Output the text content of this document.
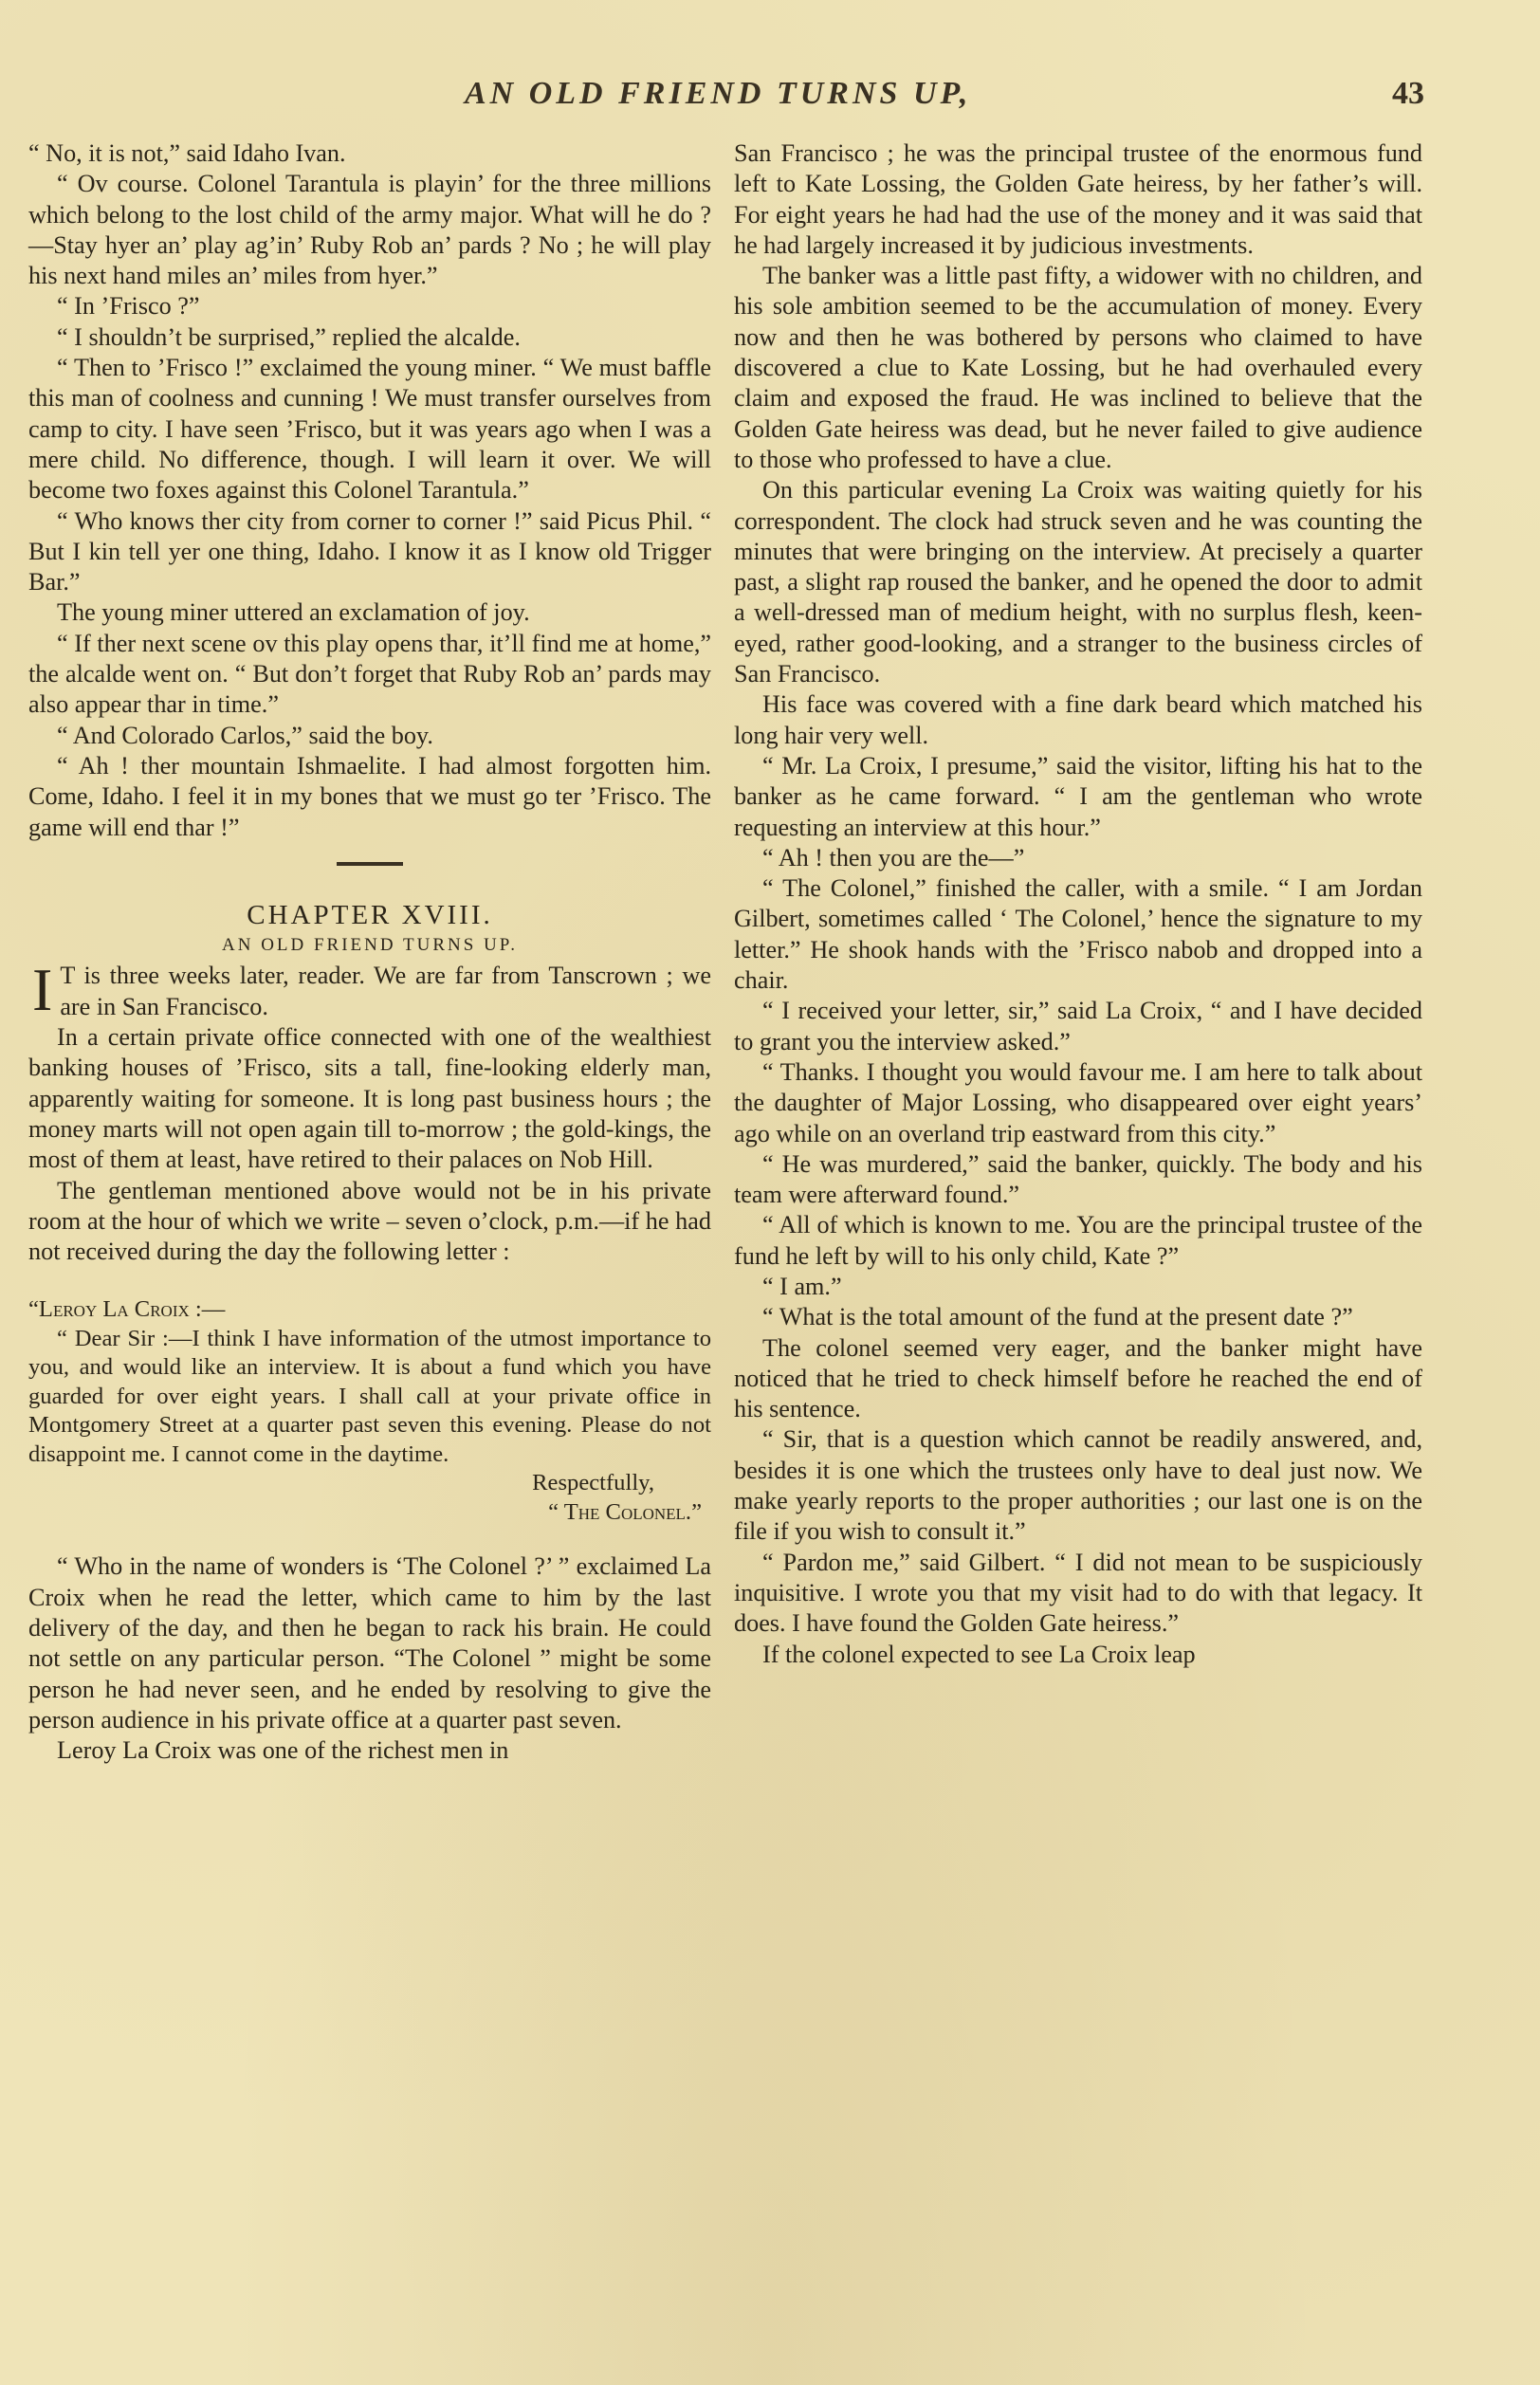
AN OLD FRIEND TURNS UP,	43

“ No, it is not,” said Idaho Ivan.

“ Ov course. Colonel Tarantula is playin’ for the three millions which belong to the lost child of the army major. What will he do ?—Stay hyer an’ play ag’in’ Ruby Rob an’ pards ? No ; he will play his next hand miles an’ miles from hyer.”

“ In ’Frisco ?”

“ I shouldn’t be surprised,” replied the alcalde.

“ Then to ’Frisco !” exclaimed the young miner. “ We must baffle this man of coolness and cunning ! We must transfer ourselves from camp to city. I have seen ’Frisco, but it was years ago when I was a mere child. No difference, though. I will learn it over. We will become two foxes against this Colonel Tarantula.”

“ Who knows ther city from corner to corner !” said Picus Phil. “ But I kin tell yer one thing, Idaho. I know it as I know old Trigger Bar.”

The young miner uttered an exclamation of joy.

“ If ther next scene ov this play opens thar, it’ll find me at home,” the alcalde went on. “ But don’t forget that Ruby Rob an’ pards may also appear thar in time.”

“ And Colorado Carlos,” said the boy.

“ Ah ! ther mountain Ishmaelite. I had almost forgotten him. Come, Idaho. I feel it in my bones that we must go ter ’Frisco. The game will end thar !”

CHAPTER XVIII.

AN OLD FRIEND TURNS UP.

I T is three weeks later, reader. We are far from Tanscrown ; we are in San Francisco.

In a certain private office connected with one of the wealthiest banking houses of ’Frisco, sits a tall, fine-looking elderly man, apparently waiting for someone. It is long past business hours ; the money marts will not open again till to-morrow ; the gold-kings, the most of them at least, have retired to their palaces on Nob Hill.

The gentleman mentioned above would not be in his private room at the hour of which we write – seven o’clock, p.m.—if he had not received during the day the following letter :

“Leroy La Croix :—

“ Dear Sir :—I think I have information of the utmost importance to you, and would like an interview. It is about a fund which you have guarded for over eight years. I shall call at your private office in Montgomery Street at a quarter past seven this evening. Please do not disappoint me. I cannot come in the daytime.

Respectfully,

“ The Colonel.”

“ Who in the name of wonders is ‘The Colonel ?’ ” exclaimed La Croix when he read the letter, which came to him by the last delivery of the day, and then he began to rack his brain. He could not settle on any particular person. “The Colonel ” might be some person he had never seen, and he ended by resolving to give the person audience in his private office at a quarter past seven.

Leroy La Croix was one of the richest men in

San Francisco ; he was the principal trustee of the enormous fund left to Kate Lossing, the Golden Gate heiress, by her father’s will. For eight years he had had the use of the money and it was said that he had largely increased it by judicious investments.

The banker was a little past fifty, a widower with no children, and his sole ambition seemed to be the accumulation of money. Every now and then he was bothered by persons who claimed to have discovered a clue to Kate Lossing, but he had overhauled every claim and exposed the fraud. He was inclined to believe that the Golden Gate heiress was dead, but he never failed to give audience to those who professed to have a clue.

On this particular evening La Croix was waiting quietly for his correspondent. The clock had struck seven and he was counting the minutes that were bringing on the interview. At precisely a quarter past, a slight rap roused the banker, and he opened the door to admit a well-dressed man of medium height, with no surplus flesh, keen-eyed, rather good-looking, and a stranger to the business circles of San Francisco.

His face was covered with a fine dark beard which matched his long hair very well.

“ Mr. La Croix, I presume,” said the visitor, lifting his hat to the banker as he came forward. “ I am the gentleman who wrote requesting an interview at this hour.”

“ Ah ! then you are the—”

“ The Colonel,” finished the caller, with a smile. “ I am Jordan Gilbert, sometimes called ‘ The Colonel,’ hence the signature to my letter.” He shook hands with the ’Frisco nabob and dropped into a chair.

“ I received your letter, sir,” said La Croix, “ and I have decided to grant you the interview asked.”

“ Thanks. I thought you would favour me. I am here to talk about the daughter of Major Lossing, who disappeared over eight years’ ago while on an overland trip eastward from this city.”

“ He was murdered,” said the banker, quickly. The body and his team were afterward found.”

“ All of which is known to me. You are the principal trustee of the fund he left by will to his only child, Kate ?”

“ I am.”

“ What is the total amount of the fund at the present date ?”

The colonel seemed very eager, and the banker might have noticed that he tried to check himself before he reached the end of his sentence.

“ Sir, that is a question which cannot be readily answered, and, besides it is one which the trustees only have to deal just now. We make yearly reports to the proper authorities ; our last one is on the file if you wish to consult it.”

“ Pardon me,” said Gilbert. “ I did not mean to be suspiciously inquisitive. I wrote you that my visit had to do with that legacy. It does. I have found the Golden Gate heiress.”

If the colonel expected to see La Croix leap
